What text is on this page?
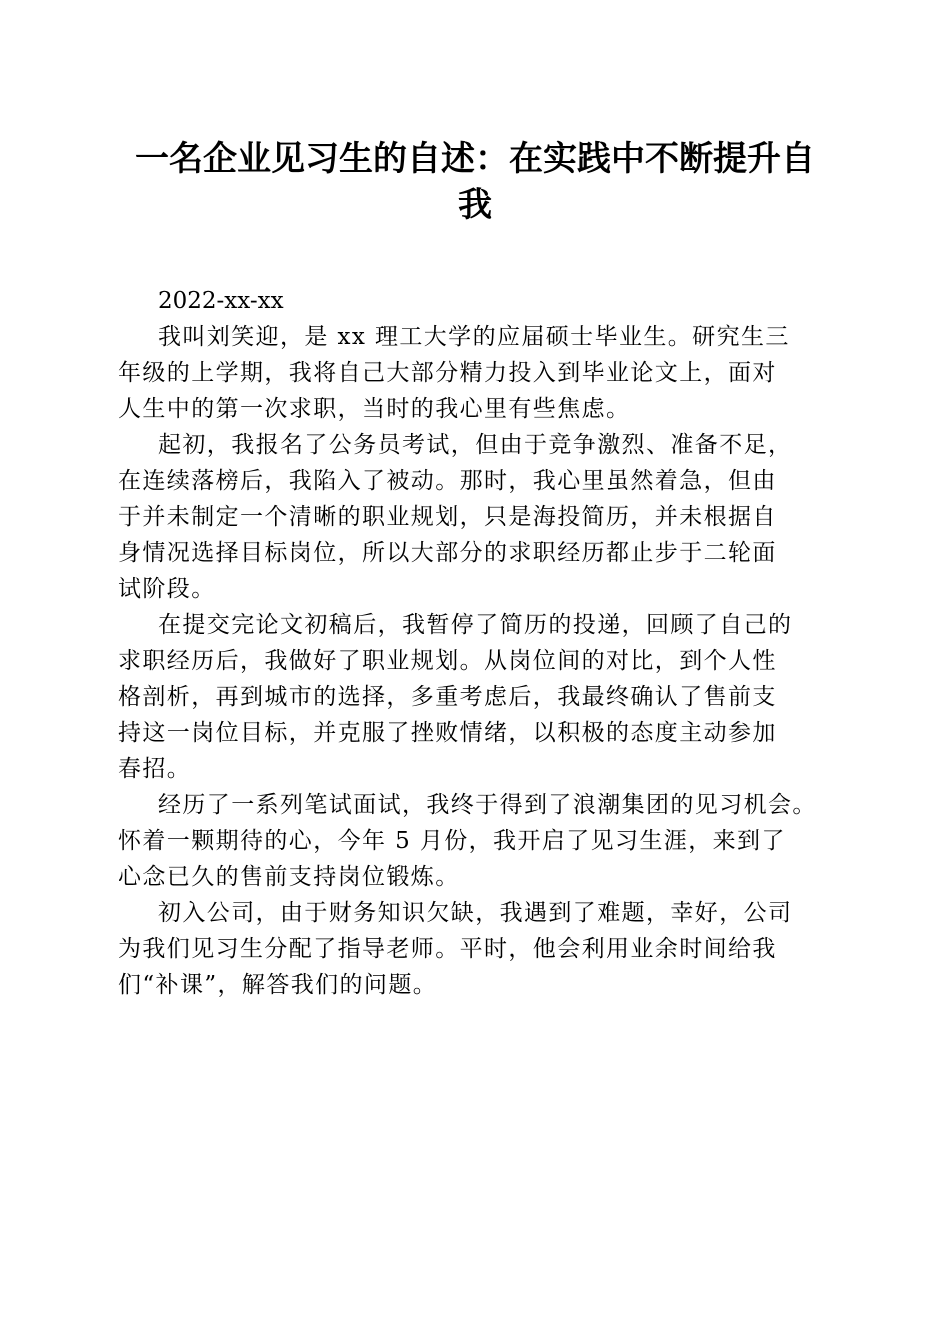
一名企业见习生的自述：在实践中不断提升自
我
2022-xx-xx
我叫刘笑迎，是 xx 理工大学的应届硕士毕业生。研究生三
年级的上学期，我将自己大部分精力投入到毕业论文上，面对
人生中的第一次求职，当时的我心里有些焦虑。
起初，我报名了公务员考试，但由于竞争激烈、准备不足，
在连续落榜后，我陷入了被动。那时，我心里虽然着急，但由
于并未制定一个清晰的职业规划，只是海投简历，并未根据自
身情况选择目标岗位，所以大部分的求职经历都止步于二轮面
试阶段。
在提交完论文初稿后，我暂停了简历的投递，回顾了自己的
求职经历后，我做好了职业规划。从岗位间的对比，到个人性
格剖析，再到城市的选择，多重考虑后，我最终确认了售前支
持这一岗位目标，并克服了挫败情绪，以积极的态度主动参加
春招。
经历了一系列笔试面试，我终于得到了浪潮集团的见习机会。
怀着一颗期待的心，今年 5 月份，我开启了见习生涯，来到了
心念已久的售前支持岗位锻炼。
初入公司，由于财务知识欠缺，我遇到了难题，幸好，公司
为我们见习生分配了指导老师。平时，他会利用业余时间给我
们“补课”，解答我们的问题。
